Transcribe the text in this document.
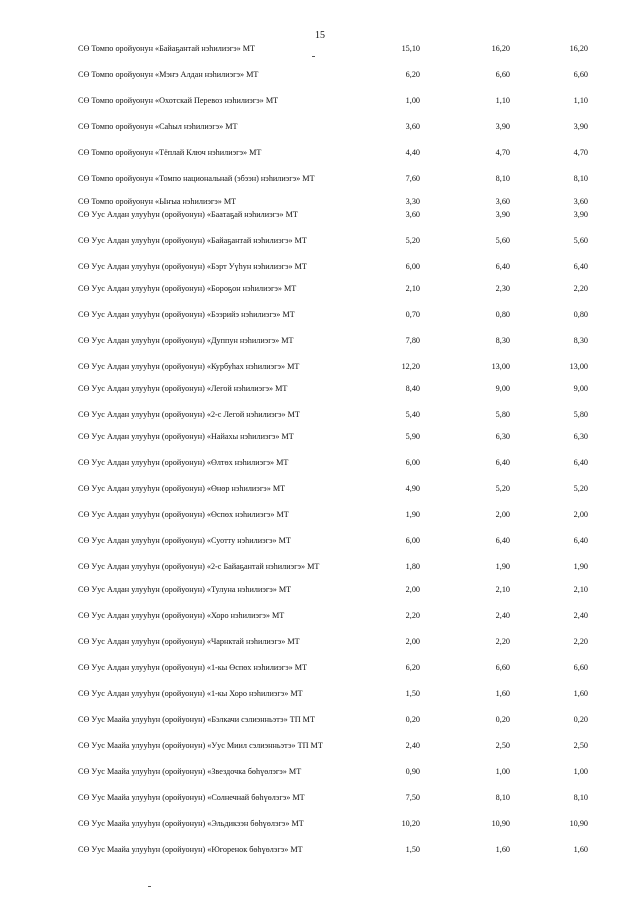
15
СӨ Томпо оройуонун «Байаҕантай нэһилиэгэ» МТ	15,10	16,20	16,20
СӨ Томпо оройуонун «Мэҥэ Алдан нэһилиэгэ» МТ	6,20	6,60	6,60
СӨ Томпо оройуонун «Охотскай Перевоз нэһилиэгэ» МТ	1,00	1,10	1,10
СӨ Томпо оройуонун «Саһыл нэһилиэгэ» МТ	3,60	3,90	3,90
СӨ Томпо оройуонун «Тёплай Ключ нэһилиэгэ» МТ	4,40	4,70	4,70
СӨ Томпо оройуонун «Томпо национальнай (эбээн) нэһилиэгэ» МТ	7,60	8,10	8,10
СӨ Томпо оройуонун «Ыҥыа нэһилиэгэ» МТ	3,30	3,60	3,60
СӨ Уус Алдан улууһун (оройуонун) «Баатаҕай нэһилиэгэ» МТ	3,60	3,90	3,90
СӨ Уус Алдан улууһун (оройуонун) «Байаҕантай нэһилиэгэ» МТ	5,20	5,60	5,60
СӨ Уус Алдан улууһун (оройуонун) «Бэрт Уүһун нэһилиэгэ» МТ	6,00	6,40	6,40
СӨ Уус Алдан улууһун (оройуонун) «Бороҕон нэһилиэгэ» МТ	2,10	2,30	2,20
СӨ Уус Алдан улууһун (оройуонун) «Бээрийэ нэһилиэгэ» МТ	0,70	0,80	0,80
СӨ Уус Алдан улууһун (оройуонун) «Дуппун нэһилиэгэ» МТ	7,80	8,30	8,30
СӨ Уус Алдан улууһун (оройуонун) «Курбуһах нэһилиэгэ» МТ	12,20	13,00	13,00
СӨ Уус Алдан улууһун (оройуонун) «Легой нэһилиэгэ» МТ	8,40	9,00	9,00
СӨ Уус Алдан улууһун (оройуонун) «2-с Легой нэһилиэгэ» МТ	5,40	5,80	5,80
СӨ Уус Алдан улууһун (оройуонун) «Найахы нэһилиэгэ» МТ	5,90	6,30	6,30
СӨ Уус Алдан улууһун (оройуонун) «Өлтөх нэһилиэгэ» МТ	6,00	6,40	6,40
СӨ Уус Алдан улууһун (оройуонун) «Өнөр нэһилиэгэ» МТ	4,90	5,20	5,20
СӨ Уус Алдан улууһун (оройуонун) «Өспөх нэһилиэгэ» МТ	1,90	2,00	2,00
СӨ Уус Алдан улууһун (оройуонун) «Суотту нэһилиэгэ» МТ	6,00	6,40	6,40
СӨ Уус Алдан улууһун (оройуонун) «2-с Байаҕантай нэһилиэгэ» МТ	1,80	1,90	1,90
СӨ Уус Алдан улууһун (оройуонун) «Тулуна нэһилиэгэ» МТ	2,00	2,10	2,10
СӨ Уус Алдан улууһун (оройуонун) «Хоро нэһилиэгэ» МТ	2,20	2,40	2,40
СӨ Уус Алдан улууһун (оройуонун) «Чарнктай нэһилиэгэ» МТ	2,00	2,20	2,20
СӨ Уус Алдан улууһун (оройуонун) «1-кы Өспөх нэһилиэгэ» МТ	6,20	6,60	6,60
СӨ Уус Алдан улууһун (оройуонун) «1-кы Хоро нэһилиэгэ» МТ	1,50	1,60	1,60
СӨ Уус Маайа улууһун (оройуонун) «Бэлкачи сэлиэнньэтэ» ТП МТ	0,20	0,20	0,20
СӨ Уус Маайа улууһун (оройуонун) «Уус Миил сэлиэнньэтэ» ТП МТ	2,40	2,50	2,50
СӨ Уус Маайа улууһун (оройуонун) «Звездочка бөһүөлэгэ» МТ	0,90	1,00	1,00
СӨ Уус Маайа улууһун (оройуонун) «Солнечнай бөһүөлэгэ» МТ	7,50	8,10	8,10
СӨ Уус Маайа улууһун (оройуонун) «Эльдикээн бөһүөлэгэ» МТ	10,20	10,90	10,90
СӨ Уус Маайа улууһун (оройуонун) «Югоренок бөһүөлэгэ» МТ	1,50	1,60	1,60
